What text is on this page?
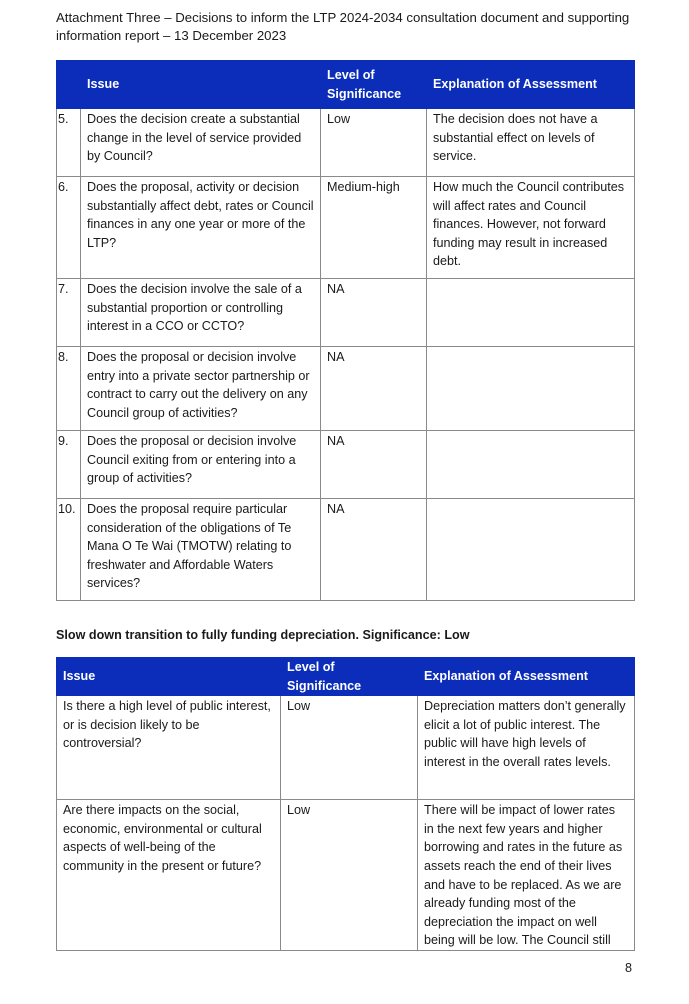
Attachment Three – Decisions to inform the LTP 2024-2034 consultation document and supporting
information report – 13 December 2023
	Issue	Level of Significance	Explanation of Assessment
5.	Does the decision create a substantial change in the level of service provided by Council?	Low	The decision does not have a substantial effect on levels of service.
6.	Does the proposal, activity or decision substantially affect debt, rates or Council finances in any one year or more of the LTP?	Medium-high	How much the Council contributes will affect rates and Council finances. However, not forward funding may result in increased debt.
7.	Does the decision involve the sale of a substantial proportion or controlling interest in a CCO or CCTO?	NA	
8.	Does the proposal or decision involve entry into a private sector partnership or contract to carry out the delivery on any Council group of activities?	NA	
9.	Does the proposal or decision involve Council exiting from or entering into a group of activities?	NA	
10.	Does the proposal require particular consideration of the obligations of Te Mana O Te Wai (TMOTW) relating to freshwater and Affordable Waters services?	NA	
Slow down transition to fully funding depreciation. Significance: Low
Issue	Level of Significance	Explanation of Assessment
Is there a high level of public interest, or is decision likely to be controversial?	Low	Depreciation matters don’t generally elicit a lot of public interest. The public will have high levels of interest in the overall rates levels.
Are there impacts on the social, economic, environmental or cultural aspects of well-being of the community in the present or future?	Low	There will be impact of lower rates in the next few years and higher borrowing and rates in the future as assets reach the end of their lives and have to be replaced. As we are already funding most of the depreciation the impact on well being will be low. The Council still
8
